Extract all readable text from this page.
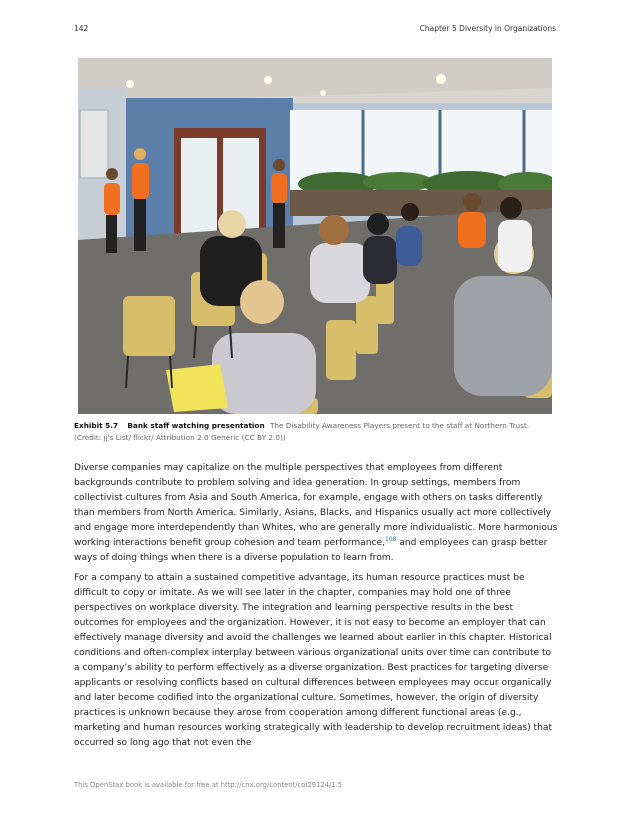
142	Chapter 5 Diversity in Organizations
Exhibit 5.7 Bank staff watching presentation The Disability Awareness Players present to the staff at Northern Trust. (Credit: jj's List/ flickr/ Attribution 2.0 Generic (CC BY 2.0))

Diverse companies may capitalize on the multiple perspectives that employees from different backgrounds contribute to problem solving and idea generation. In group settings, members from collectivist cultures from Asia and South America, for example, engage with others on tasks differently than members from North America. Similarly, Asians, Blacks, and Hispanics usually act more collectively and engage more interdependently than Whites, who are generally more individualistic. More harmonious working interactions benefit group cohesion and team performance,$^{108}$ and employees can grasp better ways of doing things when there is a diverse population to learn from.

For a company to attain a sustained competitive advantage, its human resource practices must be difficult to copy or imitate. As we will see later in the chapter, companies may hold one of three perspectives on workplace diversity. The integration and learning perspective results in the best outcomes for employees and the organization. However, it is not easy to become an employer that can effectively manage diversity and avoid the challenges we learned about earlier in this chapter. Historical conditions and often-complex interplay between various organizational units over time can contribute to a company’s ability to perform effectively as a diverse organization. Best practices for targeting diverse applicants or resolving conflicts based on cultural differences between employees may occur organically and later become codified into the organizational culture. Sometimes, however, the origin of diversity practices is unknown because they arose from cooperation among different functional areas (e.g., marketing and human resources working strategically with leadership to develop recruitment ideas) that occurred so long ago that not even the

This OpenStax book is available for free at http://cnx.org/content/col29124/1.5
